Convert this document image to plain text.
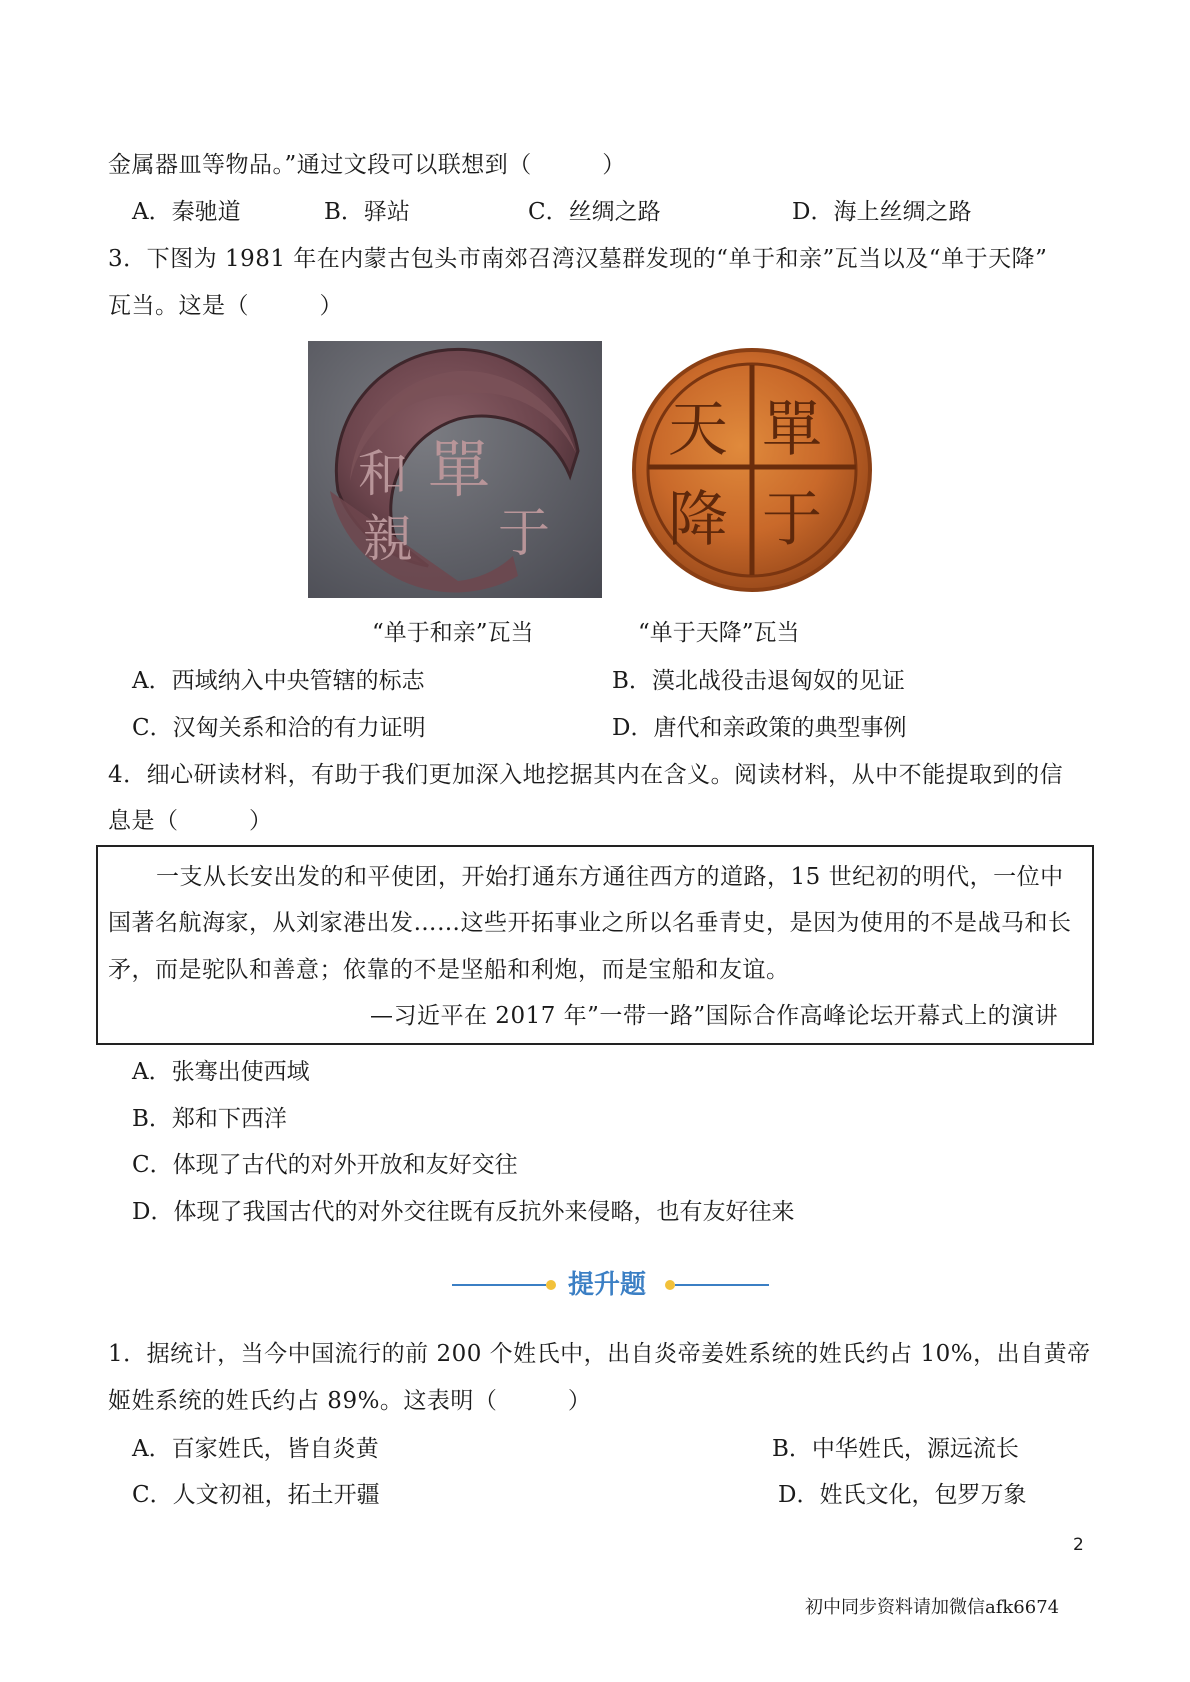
金属器皿等物品。”通过文段可以联想到（　　　）
A．秦驰道	B．驿站	C．丝绸之路	D．海上丝绸之路
3．下图为 1981 年在内蒙古包头市南郊召湾汉墓群发现的“单于和亲”瓦当以及“单于天降”
瓦当。这是（　　　）
單
于
和
親
單
于
天
降
“单于和亲”瓦当	“单于天降”瓦当
A．西域纳入中央管辖的标志	B．漠北战役击退匈奴的见证
C．汉匈关系和洽的有力证明	D．唐代和亲政策的典型事例
4．细心研读材料，有助于我们更加深入地挖据其内在含义。阅读材料，从中不能提取到的信
息是（　　　）
一支从长安出发的和平使团，开始打通东方通往西方的道路，15 世纪初的明代，一位中
国著名航海家，从刘家港出发……这些开拓事业之所以名垂青史，是因为使用的不是战马和长
矛，而是驼队和善意；依靠的不是坚船和利炮，而是宝船和友谊。
—习近平在 2017 年”一带一路”国际合作高峰论坛开幕式上的演讲
A．张骞出使西域
B．郑和下西洋
C．体现了古代的对外开放和友好交往
D．体现了我国古代的对外交往既有反抗外来侵略，也有友好往来
提升题
1．据统计，当今中国流行的前 200 个姓氏中，出自炎帝姜姓系统的姓氏约占 10%，出自黄帝
姬姓系统的姓氏约占 89%。这表明（　　　）
A．百家姓氏，皆自炎黄	B．中华姓氏，源远流长
C．人文初祖，拓土开疆	D．姓氏文化，包罗万象
2
初中同步资料请加微信afk6674
